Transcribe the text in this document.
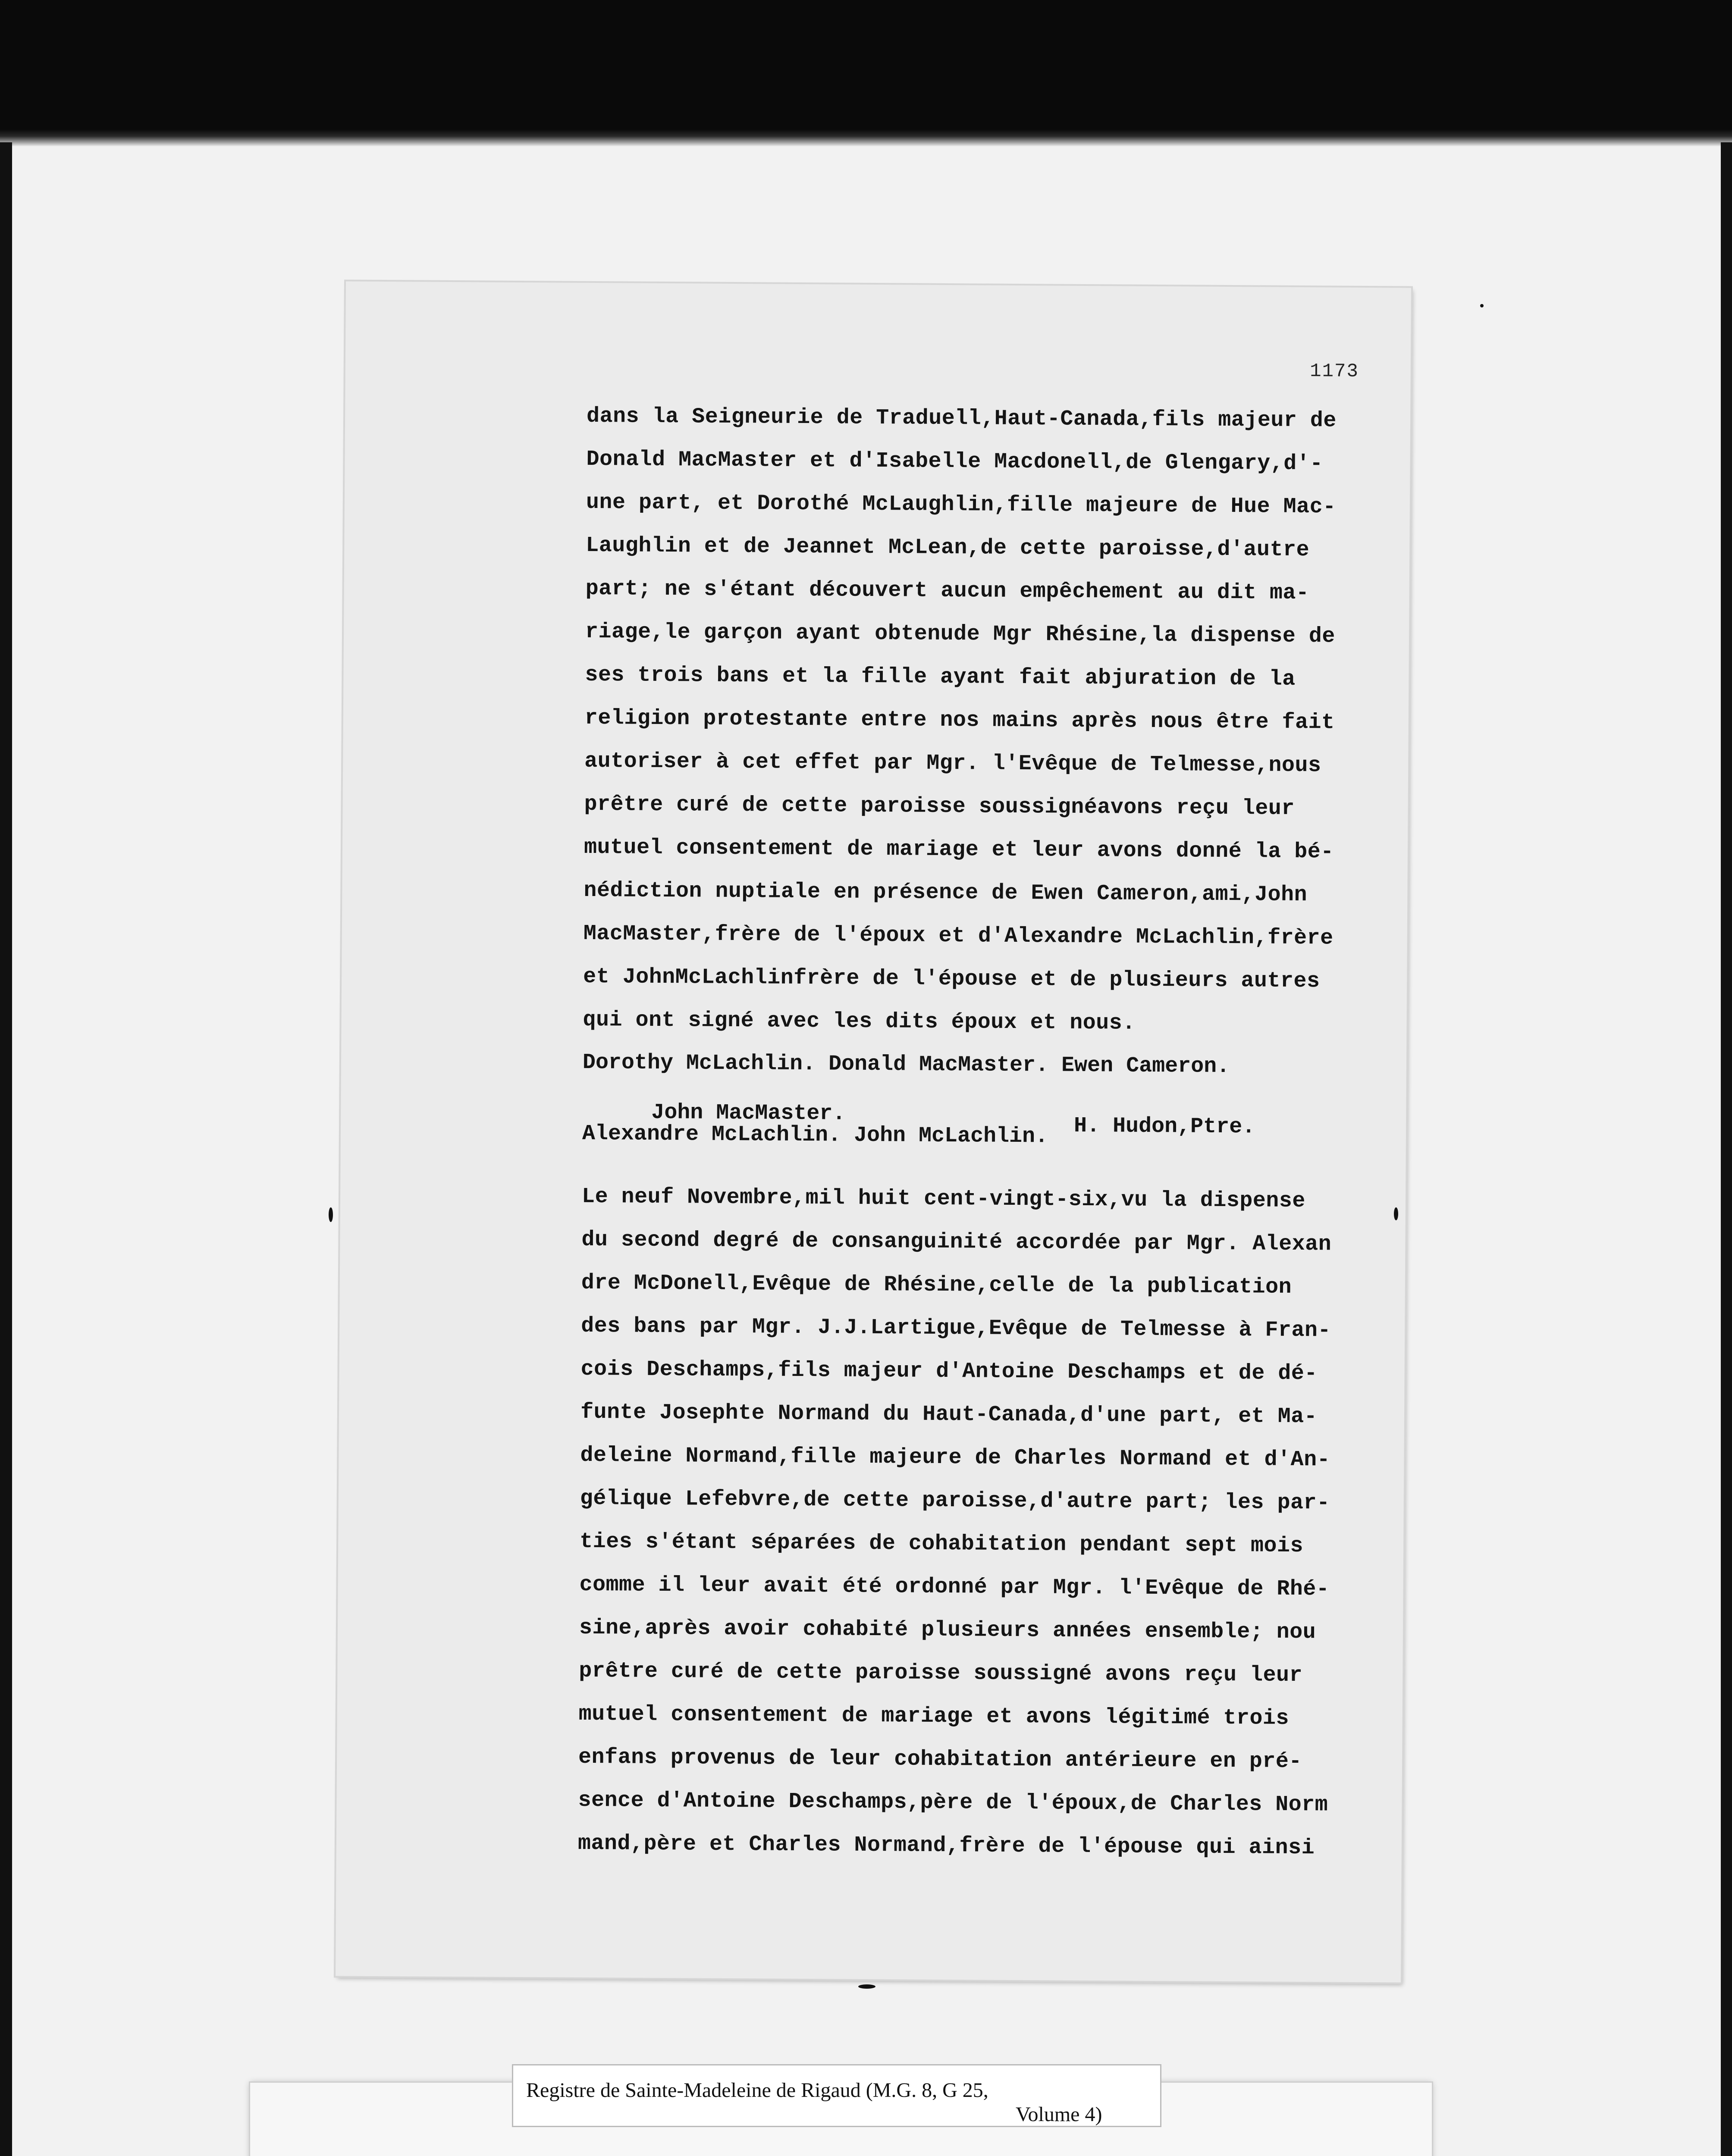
1173
dans la Seigneurie de Traduell,Haut-Canada,fils majeur de
Donald MacMaster et d'Isabelle Macdonell,de Glengary,d'-
une part, et Dorothé McLaughlin,fille majeure de Hue Mac-
Laughlin et de Jeannet McLean,de cette paroisse,d'autre
part; ne s'étant découvert aucun empêchement au dit ma-
riage,le garçon ayant obtenude Mgr Rhésine,la dispense de
ses trois bans et la fille ayant fait abjuration de la
religion protestante entre nos mains après nous être fait
autoriser à cet effet par Mgr. l'Evêque de Telmesse,nous
prêtre curé de cette paroisse soussignéavons reçu leur
mutuel consentement de mariage et leur avons donné la bé-
nédiction nuptiale en présence de Ewen Cameron,ami,John
MacMaster,frère de l'époux et d'Alexandre McLachlin,frère
et JohnMcLachlinfrère de l'épouse et de plusieurs autres
qui ont signé avec les dits époux et nous.
Dorothy McLachlin. Donald MacMaster. Ewen Cameron.
John MacMaster.
H. Hudon,Ptre.
Alexandre McLachlin. John McLachlin.
Le neuf Novembre,mil huit cent-vingt-six,vu la dispense
du second degré de consanguinité accordée par Mgr. Alexan
dre McDonell,Evêque de Rhésine,celle de la publication
des bans par Mgr. J.J.Lartigue,Evêque de Telmesse à Fran-
cois Deschamps,fils majeur d'Antoine Deschamps et de dé-
funte Josephte Normand du Haut-Canada,d'une part, et Ma-
deleine Normand,fille majeure de Charles Normand et d'An-
gélique Lefebvre,de cette paroisse,d'autre part; les par-
ties s'étant séparées de cohabitation pendant sept mois
comme il leur avait été ordonné par Mgr. l'Evêque de Rhé-
sine,après avoir cohabité plusieurs années ensemble; nou
prêtre curé de cette paroisse soussigné avons reçu leur
mutuel consentement de mariage et avons légitimé trois
enfans provenus de leur cohabitation antérieure en pré-
sence d'Antoine Deschamps,père de l'époux,de Charles Norm
mand,père et Charles Normand,frère de l'épouse qui ainsi
Registre de Sainte-Madeleine de Rigaud (M.G. 8, G 25,
Volume 4)
